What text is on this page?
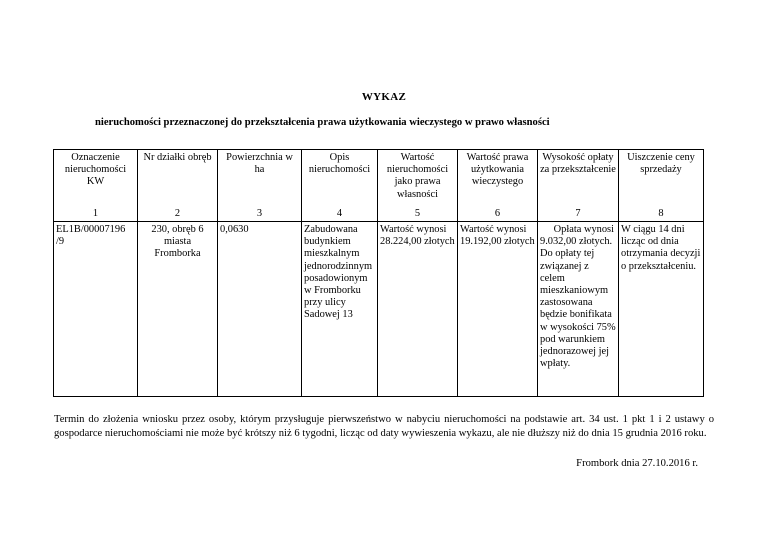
WYKAZ
nieruchomości przeznaczonej do przekształcenia prawa użytkowania wieczystego w prawo własności
Oznaczenie nieruchomości KW	Nr działki obręb	Powierzchnia w ha	Opis nieruchomości	Wartość nieruchomości jako prawa własności	Wartość prawa użytkowania wieczystego	Wysokość opłaty za przekształcenie	Uiszczenie ceny sprzedaży
1	2	3	4	5	6	7	8
EL1B/00007196 /9	230, obręb 6 miasta Fromborka	0,0630	Zabudowana budynkiem mieszkalnym jednorodzinnym posadowionym w Fromborku przy ulicy Sadowej 13	Wartość wynosi 28.224,00 złotych	Wartość wynosi 19.192,00 złotych	Opłata wynosi
9.032,00 złotych. Do opłaty tej związanej z celem mieszkaniowym zastosowana będzie bonifikata w wysokości 75% pod warunkiem jednorazowej jej wpłaty.	W ciągu 14 dni licząc od dnia otrzymania decyzji o przekształceniu.
Termin do złożenia wniosku przez osoby, którym przysługuje pierwszeństwo w nabyciu nieruchomości na podstawie art. 34 ust. 1 pkt 1 i 2 ustawy o gospodarce nieruchomościami nie może być krótszy niż 6 tygodni, licząc od daty wywieszenia wykazu, ale nie dłuższy niż do dnia 15 grudnia 2016 roku.
Frombork dnia 27.10.2016 r.
